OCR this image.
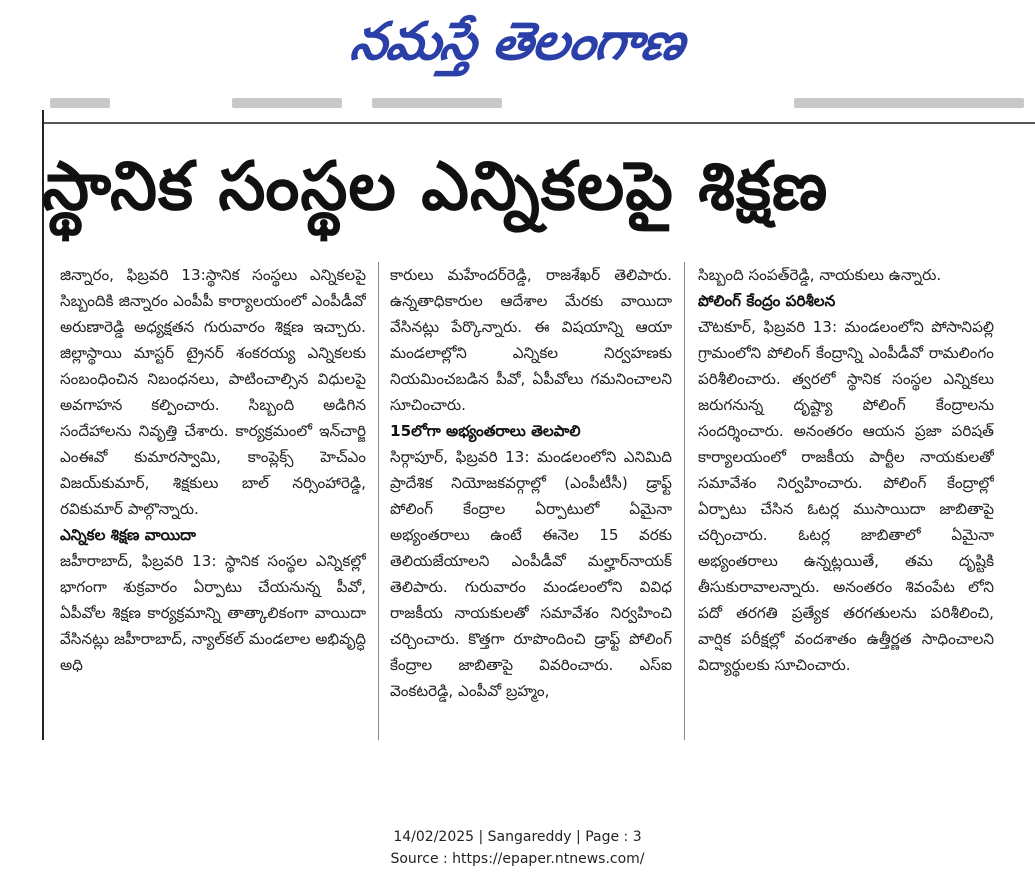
నమస్తే తెలంగాణ
స్థానిక సంస్థల ఎన్నికలపై శిక్షణ

జిన్నారం, ఫిబ్రవరి 13:స్థానిక సంస్థలు ఎన్నికలపై సిబ్బందికి జిన్నారం ఎంపీపీ కార్యాలయంలో ఎంపీడీవో అరుణారెడ్డి అధ్యక్షతన గురువారం శిక్షణ ఇచ్చారు. జిల్లాస్థాయి మాస్టర్ ట్రైనర్ శంకరయ్య ఎన్నికలకు సంబంధించిన నిబంధనలు, పాటించాల్సిన విధులపై అవగాహన కల్పించారు. సిబ్బంది అడిగిన సందేహాలను నివృత్తి చేశారు. కార్యక్రమంలో ఇన్‌చార్జి ఎంఈవో కుమారస్వామి, కాంప్లెక్స్ హెచ్‌ఎం విజయ్‌కుమార్, శిక్షకులు బాల్ నర్సింహారెడ్డి, రవికుమార్ పాల్గొన్నారు.

ఎన్నికల శిక్షణ వాయిదా

జహీరాబాద్, ఫిబ్రవరి 13: స్థానిక సంస్థల ఎన్నికల్లో భాగంగా శుక్రవారం ఏర్పాటు చేయనున్న పీవో, ఏపీవోల శిక్షణ కార్యక్రమాన్ని తాత్కాలికంగా వాయిదా వేసినట్లు జహీరాబాద్, న్యాల్‌కల్ మండలాల అభివృద్ధి అధి

కారులు మహేందర్‌రెడ్డి, రాజశేఖర్ తెలిపారు. ఉన్నతాధికారుల ఆదేశాల మేరకు వాయిదా వేసినట్లు పేర్కొన్నారు. ఈ విషయాన్ని ఆయా మండలాల్లోని ఎన్నికల నిర్వహణకు నియమించబడిన పీవో, ఏపీవోలు గమనించాలని సూచించారు.

15లోగా అభ్యంతరాలు తెలపాలి

సిర్గాపూర్, ఫిబ్రవరి 13: మండలంలోని ఎనిమిది ప్రాదేశిక నియోజకవర్గాల్లో (ఎంపీటీసీ) డ్రాఫ్ట్ పోలింగ్ కేంద్రాల ఏర్పాటులో ఏమైనా అభ్యంతరాలు ఉంటే ఈనెల 15 వరకు తెలియజేయాలని ఎంపీడీవో మల్హార్‌నాయక్ తెలిపారు. గురువారం మండలంలోని వివిధ రాజకీయ నాయకులతో సమావేశం నిర్వహించి చర్చించారు. కొత్తగా రూపొందించి డ్రాఫ్ట్ పోలింగ్ కేంద్రాల జాబితాపై వివరించారు. ఎస్ఐ వెంకటరెడ్డి, ఎంపీవో బ్రహ్మం,

సిబ్బంది సంపత్‌రెడ్డి, నాయకులు ఉన్నారు.

పోలింగ్ కేంద్రం పరిశీలన

చౌటకూర్, ఫిబ్రవరి 13: మండలంలోని పోసానిపల్లి గ్రామంలోని పోలింగ్ కేంద్రాన్ని ఎంపీడీవో రామలింగం పరిశీలించారు. త్వరలో స్థానిక సంస్థల ఎన్నికలు జరుగనున్న దృష్ట్యా పోలింగ్ కేంద్రాలను సందర్శించారు. అనంతరం ఆయన ప్రజా పరిషత్ కార్యాలయంలో రాజకీయ పార్టీల నాయకులతో సమావేశం నిర్వహించారు. పోలింగ్ కేంద్రాల్లో ఏర్పాటు చేసిన ఓటర్ల ముసాయిదా జాబితాపై చర్చించారు. ఓటర్ల జాబితాలో ఏమైనా అభ్యంతరాలు ఉన్నట్లయితే, తమ దృష్టికి తీసుకురావాలన్నారు. అనంతరం శివంపేట లోని పదో తరగతి ప్రత్యేక తరగతులను పరిశీలించి, వార్షిక పరీక్షల్లో వందశాతం ఉత్తీర్ణత సాధించాలని విద్యార్థులకు సూచించారు.

14/02/2025 | Sangareddy | Page : 3
Source : https://epaper.ntnews.com/
